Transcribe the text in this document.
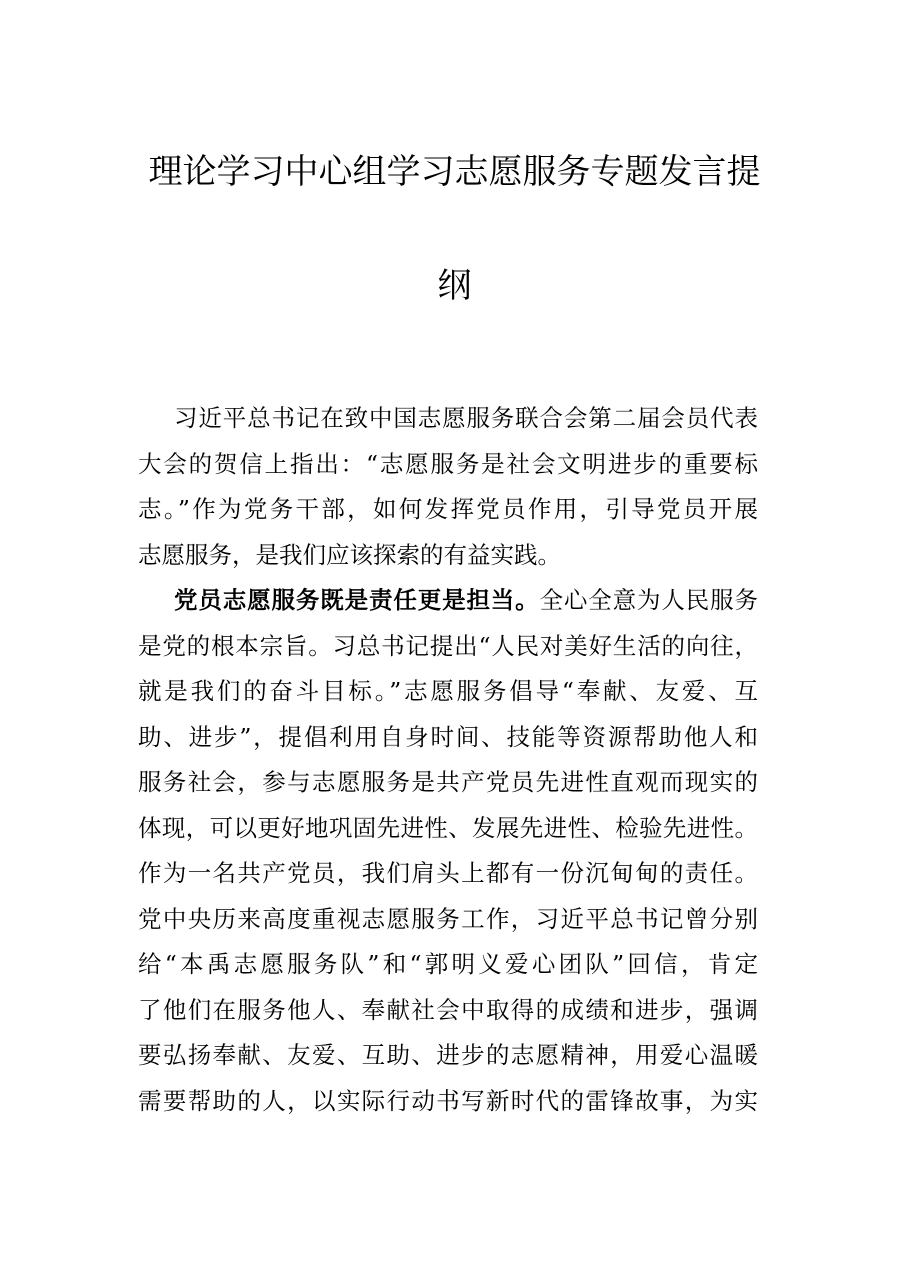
理论学习中心组学习志愿服务专题发言提
纲
习近平总书记在致中国志愿服务联合会第二届会员代表
大会的贺信上指出：“志愿服务是社会文明进步的重要标
志。”作为党务干部，如何发挥党员作用，引导党员开展
志愿服务，是我们应该探索的有益实践。
党员志愿服务既是责任更是担当。全心全意为人民服务
是党的根本宗旨。习总书记提出“人民对美好生活的向往，
就是我们的奋斗目标。”志愿服务倡导“奉献、友爱、互
助、进步”，提倡利用自身时间、技能等资源帮助他人和
服务社会，参与志愿服务是共产党员先进性直观而现实的
体现，可以更好地巩固先进性、发展先进性、检验先进性。
作为一名共产党员，我们肩头上都有一份沉甸甸的责任。
党中央历来高度重视志愿服务工作，习近平总书记曾分别
给“本禹志愿服务队”和“郭明义爱心团队”回信，肯定
了他们在服务他人、奉献社会中取得的成绩和进步，强调
要弘扬奉献、友爱、互助、进步的志愿精神，用爱心温暖
需要帮助的人，以实际行动书写新时代的雷锋故事，为实
